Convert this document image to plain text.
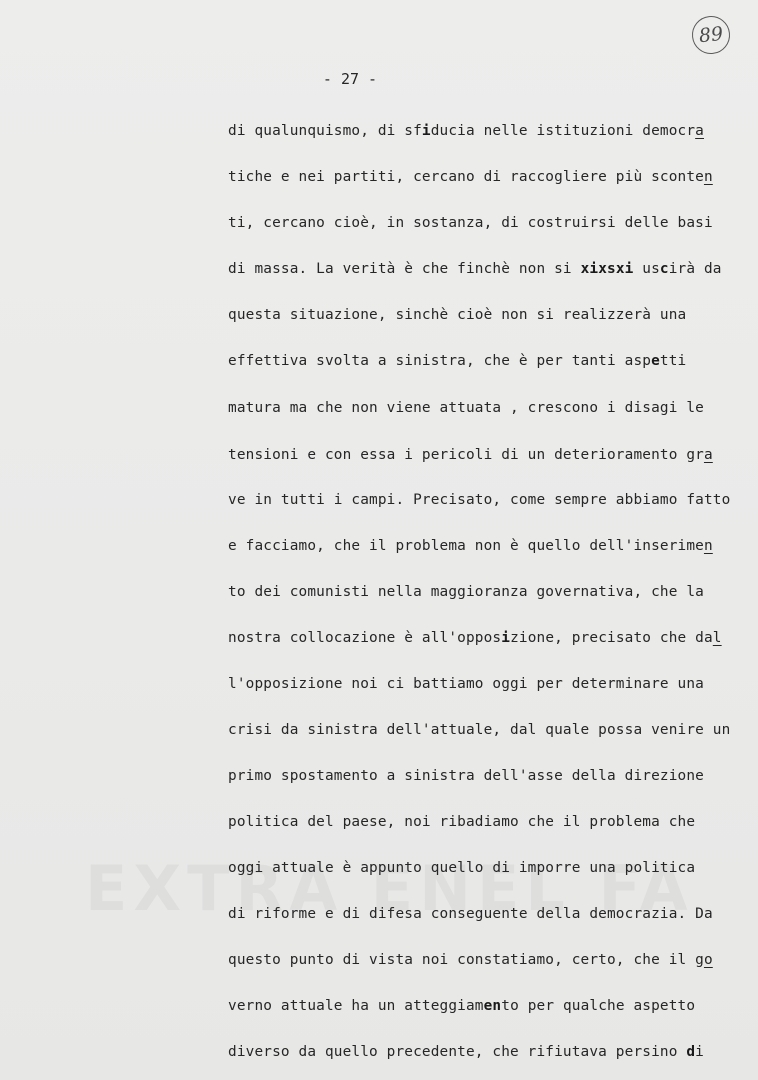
89
- 27 -
di qualunquismo, di sfiducia nelle istituzioni democra
tiche e nei partiti, cercano di raccogliere più sconten
ti, cercano cioè, in sostanza, di costruirsi delle basi
di massa. La verità è che finchè non si xixsxi uscirà da
questa situazione, sinchè cioè non si realizzerà una
effettiva svolta a sinistra, che è per tanti aspetti
matura ma che non viene attuata , crescono i disagi le
tensioni e con essa i pericoli di un deterioramento gra
ve in tutti i campi. Precisato, come sempre abbiamo fatto
e facciamo, che il problema non è quello dell'inserimen
to dei comunisti nella maggioranza governativa, che la
nostra collocazione è all'opposizione, precisato che dal
l'opposizione noi ci battiamo oggi per determinare una
crisi da sinistra dell'attuale, dal quale possa venire un
primo spostamento a sinistra dell'asse della direzione
politica del paese, noi ribadiamo che il problema che
oggi attuale è appunto quello di imporre una politica
di riforme e di difesa conseguente della democrazia. Da
questo punto di vista noi constatiamo, certo, che il go
verno attuale ha un atteggiamento per qualche aspetto
diverso da quello precedente, che rifiutava persino di
